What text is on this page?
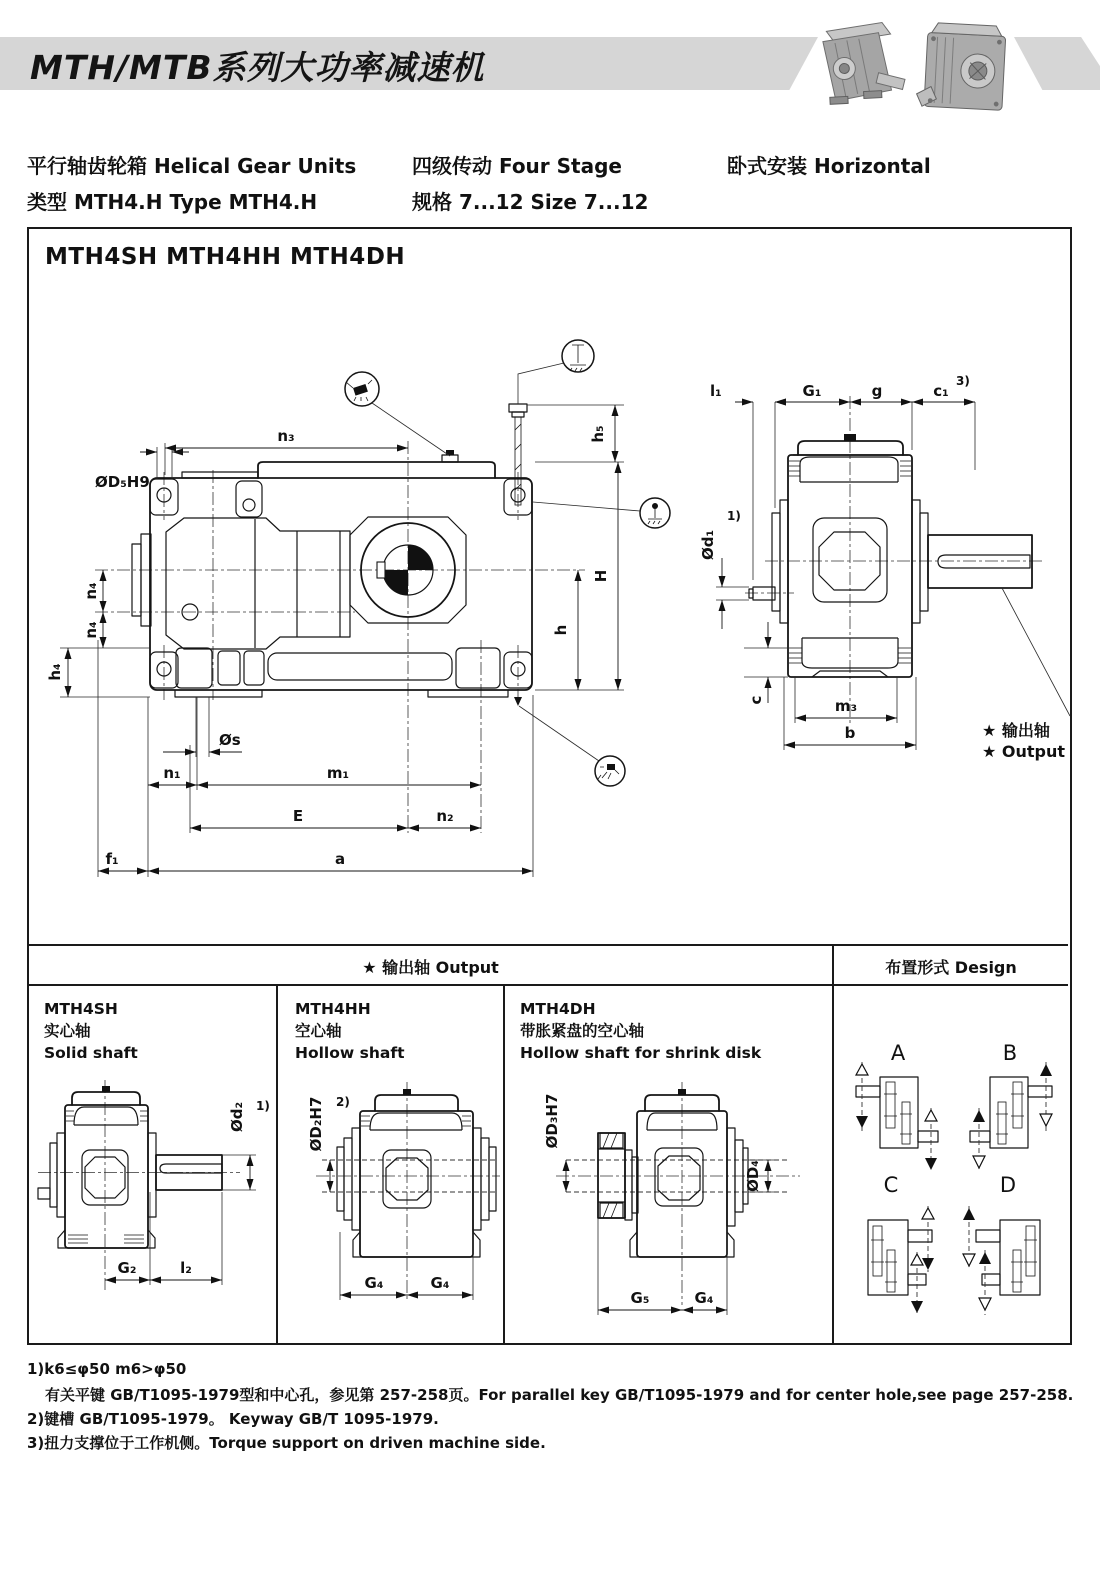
MTH/MTB系列大功率减速机
平行轴齿轮箱 Helical Gear Units	四级传动 Four Stage	卧式安装 Horizontal
类型 MTH4.H Type MTH4.H	规格 7...12 Size 7...12
MTH4SH MTH4HH MTH4DH
★ 输出轴 Output	布置形式 Design
MTH4SH
实心轴
Solid shaft
MTH4HH
空心轴
Hollow shaft
MTH4DH
带胀紧盘的空心轴
Hollow shaft for shrink disk
n₃
ØD₅H9
h₅
H
h
n₄
n₄
h₄
Øs
n₁	m₁
E	n₂
f₁	a
l₁	G₁	g	c₁
3)
Ød₁
1)
c	m₃
b	★ 输出轴
★ Output
Ød₂ 1)
G₂	l₂
ØD₂H7 2)
G₄	G₄
ØD₃H7
ØD₄
G₅	G₄
A	B
C	D
1)k6≤φ50 m6>φ50
有关平键 GB/T1095-1979型和中心孔，参见第 257-258页。For parallel key GB/T1095-1979 and for center hole,see page 257-258.
2)键槽 GB/T1095-1979。 Keyway GB/T 1095-1979.
3)扭力支撑位于工作机侧。Torque support on driven machine side.
